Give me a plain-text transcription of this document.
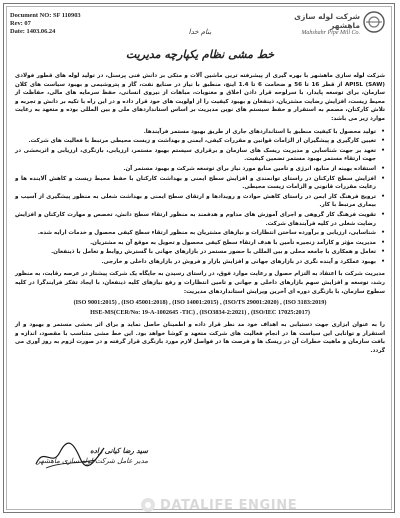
Document NO: SF 110903
Rev: 07
Date: 1403.06.24	بنام خدا
خط مشی نظام یکپارچه مدیریت
شرکت لوله سازی ماهشهر
Mahshahr Pipe Mill Co.
شرکت لوله سازی ماهشهر با بهره گیری از پیشرفته ترین ماشین آلات و متکی بر دانش فنی پرسنل، در تولید لوله های قطور فولادی (SAW) API5L از قطر 16 تا 56 و ضخامت 6 تا 1.4 اینچ، منطبق با نیاز در صنایع نفت، گاز و پتروشیمی و بهبود سیاست های کلان سازمان، برای توسعه پایدار، با سرلوحه قرار دادن اخلاق و معنویات، مباهات از نیروی انسانی، حفظ سرمایه های مالی، حفاظت از محیط زیست، افزایش رضایت مشتریان، ذینفعان و بهبود کیفیت را از اولویت های خود قرار داده و در این راه با تکیه بر دانش و تجربه و تلاش کارکنان، مصمم به استقرار و حفظ سیستم های نوین مدیریت بر اساس استانداردهای ملی و بین المللی بوده و متعهد به رعایت موارد زیر می باشد:
•
تولید محصول با کیفیت منطبق با استانداردهای جاری از طریق بهبود مستمر فرآیندها.
•
تعیین کارگیری و پیشگیران از الزامات قوانین و مقررات کیفی، ایمنی و بهداشت و زیست محیطی مرتبط با فعالیت های شرکت.
•
تعهد بر جهت شناسایی و مدیریت ریسک های سازمان و برقراری سیستم بهبود مستمر، ارزیابی، بازنگری، ارزیابی و اثربخشی در جهت ارتقاء مستمر بهبود مستمر تضمین کیفیت.
•
استفاده بهینه از منابع، انرژی و تامین منابع مورد نیاز برای توسعه شرکت و بهبود مستمر آن.
•
افزایش سطح کارکنان در راستای توانمندی و افزایش سطح ایمنی و بهداشت کارکنان با حفظ محیط زیست و کاهش آلاینده ها و رعایت مقررات قانونی و الزامات زیست محیطی.
•
ترویج فرهنگ کار ایمن در راستای کاهش حوادث و رویدادها و ارتقای سطح ایمنی و بهداشت شغلی به منظور پیشگیری از آسیب و بیماری مرتبط با کار.
•
تقویت فرهنگ کار گروهی و اجرای آموزش های مداوم و هدفمند به منظور ارتقاء سطح دانش، تخصص و مهارت کارکنان و افزایش رضایت شغلی در کلیه فرآیندهای شرکت.
•
شناسایی، ارزیابی و برآورده ساختن انتظارات و نیازهای مشتریان به منظور ارتقاء سطح کیفی محصول و خدمات ارایه شده.
•
مدیریت مؤثر و کارآمد زنجیره تأمین با هدف ارتقاء سطح کیفی محصول و تحویل به موقع آن به مشتریان.
•
تعامل و همکاری با جامعه محلی و بین المللی با حضور مستمر در بازارهای جهانی با گسترش روابط و تعامل با ذینفعان.
•
بهبود عملکرد و آینده نگری در بازارهای جهانی و افزایش بازار و فروش در بازارهای داخلی و خارجی.
مدیریت شرکت با اعتقاد به التزام حصول و رعایت موارد فوق، در راستای رسیدن به جایگاه یک شرکت پیشتاز در عرصه رقابت، به منظور رشد، توسعه و افزایش سهم بازارهای داخلی و جهانی و تامین انتظارات و رفع نیازهای کلیه ذینفعان، با ایجاد تفکر فرایندگرا در کلیه سطوح سازمان، با بازنگری دوره ای آخرین ویرایش استانداردهای مدیریت:
(ISO 9001:2015) , (ISO 45001:2018) , (ISO 14001:2015) , (ISO/TS 29001:2020) , (ISO 3183:2019)
HSE-MS(CER/No: 19-A-1002645 -TIC) , (ISO3834-2:2021) , (ISO/IEC 17025:2017)
را به عنوان ابزاری جهت دستیابی به اهداف خود مد نظر قرار داده و اطمینان حاصل نماید و برای اثر بخشی مستمر و بهبود و از استقرار و توانایی این سیاست ها در انجام فعالیت های شرکت متعهد و کوشا خواهد بود. این خط مشی متناسب با مقصود، اندازه و بافت سازمان و ماهیت خطرات آن در ریسک ها و فرصت ها در فواصل لازم مورد بازنگری قرار گرفته و در صورت لزوم به روز آوری می گردد.
سید رضا کیانی زاده
مدیر عامل شرکت لوله سازی ماهشهر
DATALIFE ENGINE
